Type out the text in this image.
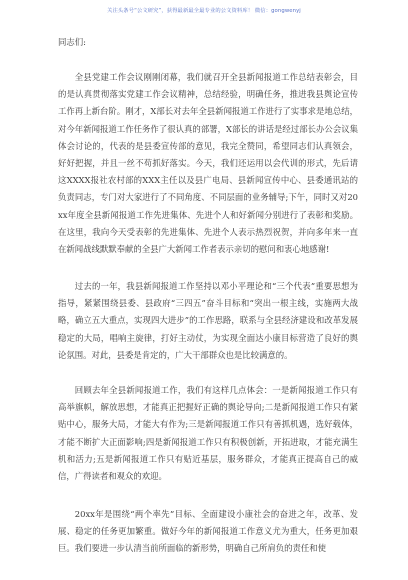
关注头条号“公文研究”，获得最新最全最专业的公文资料库！ 微信：gongwenyj
同志们:
全县党建工作会议刚刚闭幕，我们就召开全县新闻报道工作总结表彰会，目的是认真贯彻落实党建工作会议精神，总结经验，明确任务，推进我县舆论宣传工作再上新台阶。刚才，X部长对去年全县新闻报道工作进行了实事求是地总结，对今年新闻报道工作任务作了很认真的部署，X部长的讲话是经过部长办公会议集体会讨论的，代表的是县委宣传部的意见，我完全赞同，希望同志们认真领会，好好把握，并且一丝不苟抓好落实。今天，我们还运用以会代训的形式，先后请这XXXX报社农村部的XXX主任以及县广电局、县新闻宣传中心、县委通讯站的负责同志，专门对大家进行了不同角度、不同层面的业务辅导;下午，同时又对20xx年度全县新闻报道工作先进集体、先进个人和好新闻分别进行了表彰和奖励。在这里，我向今天受表彰的先进集体、先进个人表示热烈祝贺，并向多年来一直在新闻战线默默奉献的全县广大新闻工作者表示亲切的慰问和衷心地感谢!
过去的一年，我县新闻报道工作坚持以邓小平理论和“三个代表”重要思想为指导，紧紧围绕县委、县政府“三四五”奋斗目标和“突出一根主线，实施两大战略，确立五大重点，实现四大进步”的工作思路，联系与全县经济建设和改革发展稳定的大局，唱响主旋律，打好主动仗，为实现全面达小康目标营造了良好的舆论氛围。对此，县委是肯定的，广大干部群众也是比较满意的。
回顾去年全县新闻报道工作，我们有这样几点体会：一是新闻报道工作只有高举旗帜，解放思想，才能真正把握好正确的舆论导向;二是新闻报道工作只有紧贴中心，服务大局，才能大有作为;三是新闻报道工作只有善抓机遇，选好载体，才能不断扩大正面影响;四是新闻报道工作只有积极创新，开拓进取，才能充满生机和活力;五是新闻报道工作只有贴近基层，服务群众，才能真正提高自己的威信，广得读者和观众的欢迎。
20xx年是围绕“两个率先”目标、全面建设小康社会的奋进之年，改革、发展、稳定的任务更加繁重。做好今年的新闻报道工作意义尤为重大，任务更加艰巨。我们要进一步认清当前所面临的新形势，明确自己所肩负的责任和使
